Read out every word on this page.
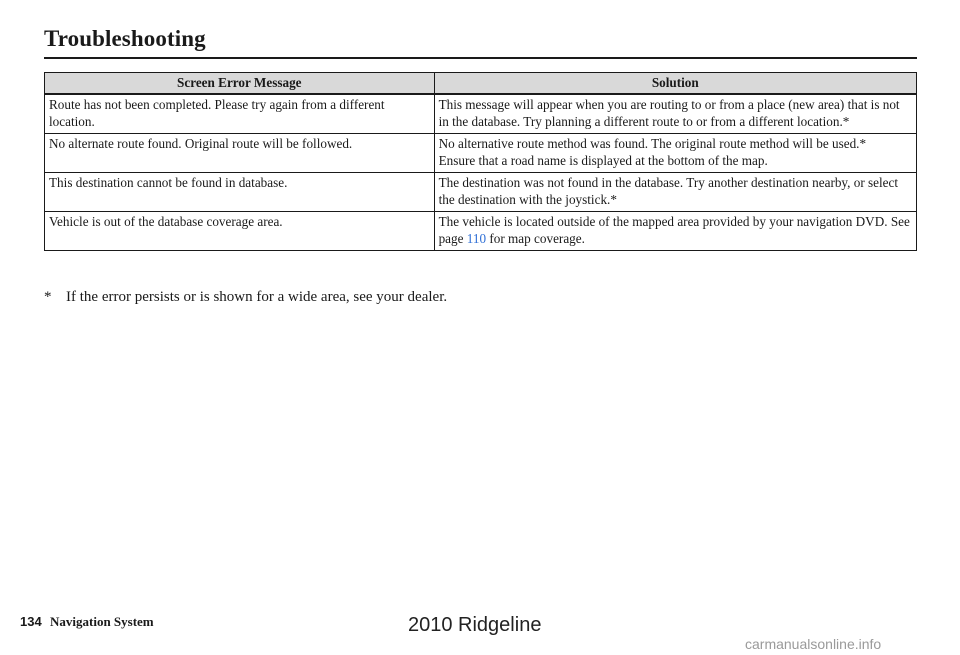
Troubleshooting
Screen Error Message	Solution
Route has not been completed. Please try again from a different location.	This message will appear when you are routing to or from a place (new area) that is not in the database. Try planning a different route to or from a different location.*

No alternate route found. Original route will be followed.	No alternative route method was found. The original route method will be used.*
Ensure that a road name is displayed at the bottom of the map.

This destination cannot be found in database.	The destination was not found in the database. Try another destination nearby, or select the destination with the joystick.*

Vehicle is out of the database coverage area.	The vehicle is located outside of the mapped area provided by your navigation DVD. See page 110 for map coverage.
* If the error persists or is shown for a wide area, see your dealer.
134 Navigation System	2010 Ridgeline
carmanualsonline.info
